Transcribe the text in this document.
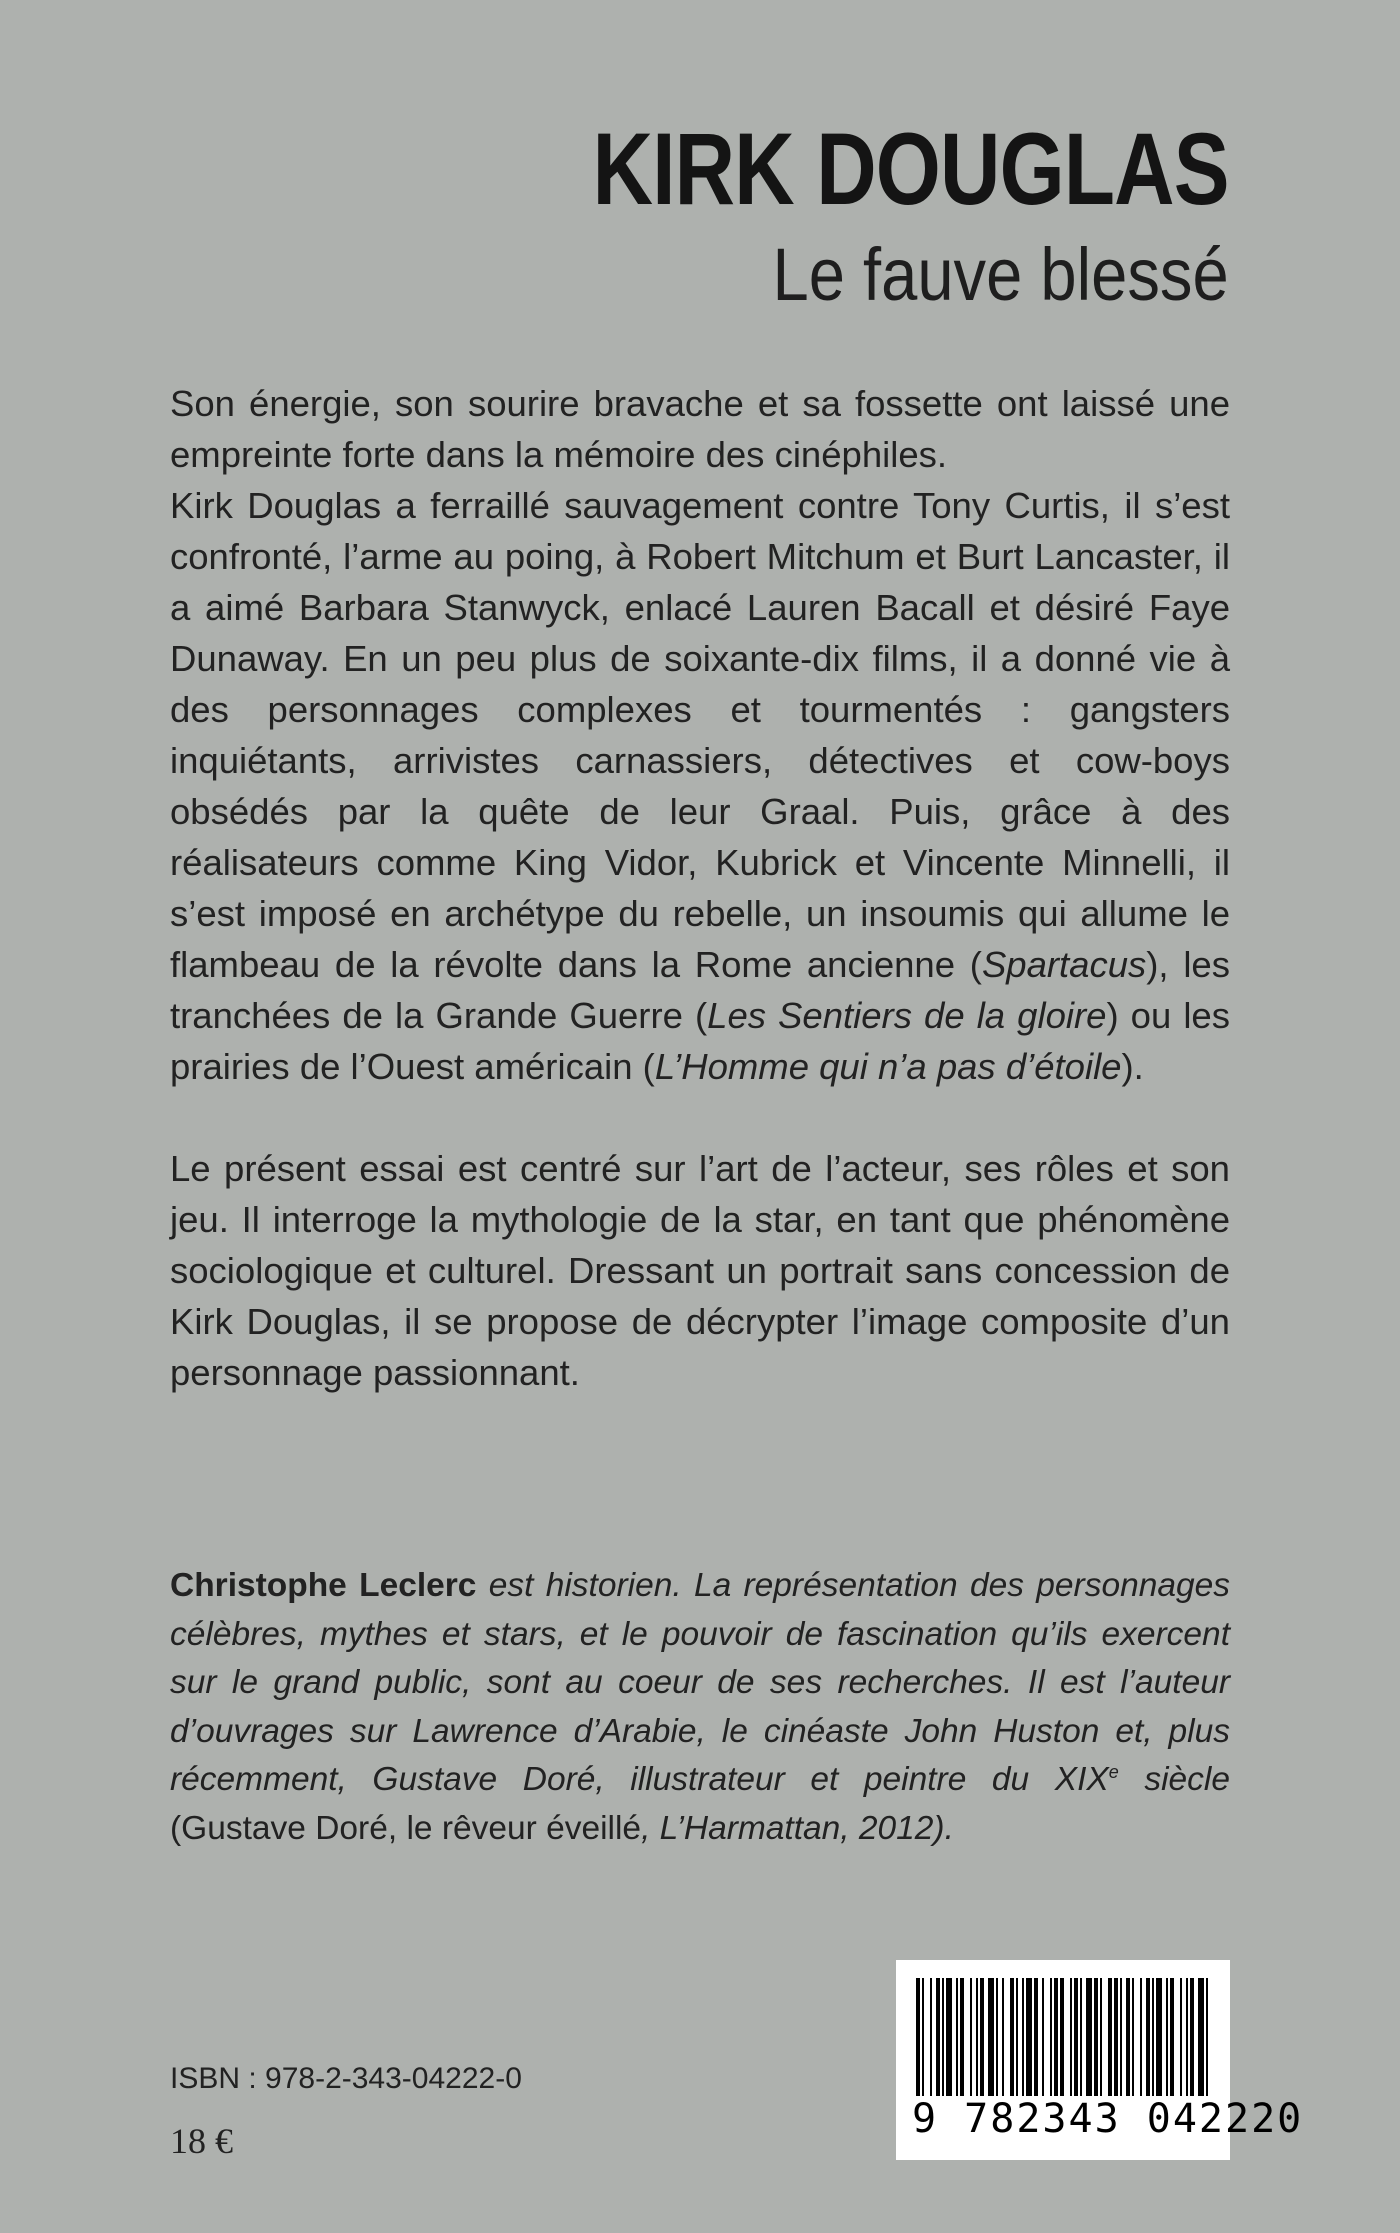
KIRK DOUGLAS
Le fauve blessé

Son énergie, son sourire bravache et sa fossette ont laissé une empreinte forte dans la mémoire des cinéphiles.
Kirk Douglas a ferraillé sauvagement contre Tony Curtis, il s’est confronté, l’arme au poing, à Robert Mitchum et Burt Lancaster, il a aimé Barbara Stanwyck, enlacé Lauren Bacall et désiré Faye Dunaway. En un peu plus de soixante-dix films, il a donné vie à des personnages complexes et tourmentés : gangsters inquiétants, arrivistes carnassiers, détectives et cow-boys obsédés par la quête de leur Graal. Puis, grâce à des réalisateurs comme King Vidor, Kubrick et Vincente Minnelli, il s’est imposé en archétype du rebelle, un insoumis qui allume le flambeau de la révolte dans la Rome ancienne (Spartacus), les tranchées de la Grande Guerre (Les Sentiers de la gloire) ou les prairies de l’Ouest américain (L’Homme qui n’a pas d’étoile).

Le présent essai est centré sur l’art de l’acteur, ses rôles et son jeu. Il interroge la mythologie de la star, en tant que phénomène sociologique et culturel. Dressant un portrait sans concession de Kirk Douglas, il se propose de décrypter l’image composite d’un personnage passionnant.

Christophe Leclerc est historien. La représentation des personnages célèbres, mythes et stars, et le pouvoir de fascination qu’ils exercent sur le grand public, sont au coeur de ses recherches. Il est l’auteur d’ouvrages sur Lawrence d’Arabie, le cinéaste John Huston et, plus récemment, Gustave Doré, illustrateur et peintre du XIXe siècle (Gustave Doré, le rêveur éveillé, L’Harmattan, 2012).
ISBN : 978-2-343-04222-0
18 €	9 782343 042220
